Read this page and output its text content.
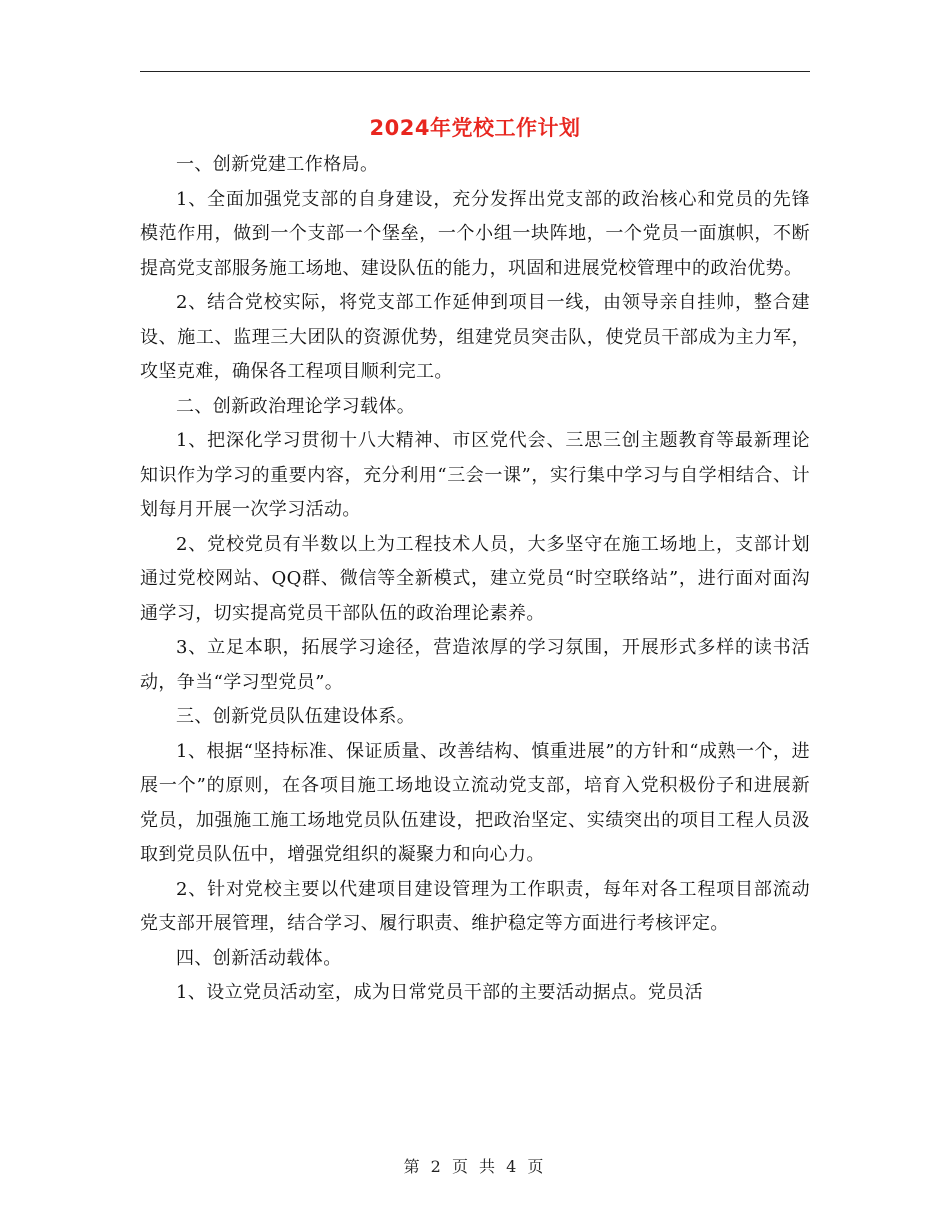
2024年党校工作计划

一、创新党建工作格局。

1、全面加强党支部的自身建设，充分发挥出党支部的政治核心和党员的先锋模范作用，做到一个支部一个堡垒，一个小组一块阵地，一个党员一面旗帜，不断提高党支部服务施工场地、建设队伍的能力，巩固和进展党校管理中的政治优势。

2、结合党校实际，将党支部工作延伸到项目一线，由领导亲自挂帅，整合建设、施工、监理三大团队的资源优势，组建党员突击队，使党员干部成为主力军，攻坚克难，确保各工程项目顺利完工。

二、创新政治理论学习载体。

1、把深化学习贯彻十八大精神、市区党代会、三思三创主题教育等最新理论知识作为学习的重要内容，充分利用“三会一课”，实行集中学习与自学相结合、计划每月开展一次学习活动。

2、党校党员有半数以上为工程技术人员，大多坚守在施工场地上，支部计划通过党校网站、QQ群、微信等全新模式，建立党员“时空联络站”，进行面对面沟通学习，切实提高党员干部队伍的政治理论素养。

3、立足本职，拓展学习途径，营造浓厚的学习氛围，开展形式多样的读书活动，争当“学习型党员”。

三、创新党员队伍建设体系。

1、根据“坚持标准、保证质量、改善结构、慎重进展”的方针和“成熟一个，进展一个”的原则，在各项目施工场地设立流动党支部，培育入党积极份子和进展新党员，加强施工施工场地党员队伍建设，把政治坚定、实绩突出的项目工程人员汲取到党员队伍中，增强党组织的凝聚力和向心力。

2、针对党校主要以代建项目建设管理为工作职责，每年对各工程项目部流动党支部开展管理，结合学习、履行职责、维护稳定等方面进行考核评定。

四、创新活动载体。

1、设立党员活动室，成为日常党员干部的主要活动据点。党员活

第 2 页 共 4 页
